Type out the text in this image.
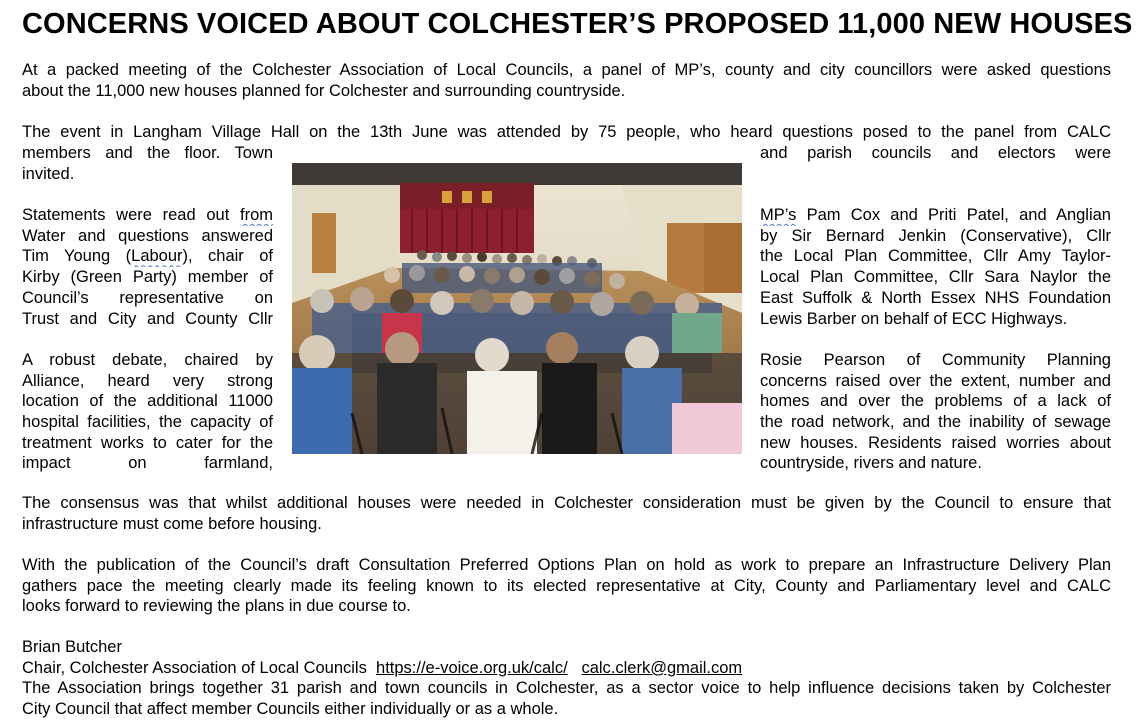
CONCERNS VOICED ABOUT COLCHESTER’S PROPOSED 11,000 NEW HOUSES

At a packed meeting of the Colchester Association of Local Councils, a panel of MP’s, county and city councillors were asked questions
about the 11,000 new houses planned for Colchester and surrounding countryside.

The event in Langham Village Hall on the 13th June was attended by 75 people, who heard questions posed to the panel from CALC

members and the floor. Town
invited.
Statements were read out from
Water and questions answered
Tim Young (Labour), chair of
Kirby (Green Party) member of
Council’s representative on
Trust and City and County Cllr
A robust debate, chaired by
Alliance, heard very strong
location of the additional 11000
hospital facilities, the capacity of
treatment works to cater for the
impact on farmland,
and parish councils and electors were
MP’s Pam Cox and Priti Patel, and Anglian
by Sir Bernard Jenkin (Conservative), Cllr
the Local Plan Committee, Cllr Amy Taylor-
Local Plan Committee, Cllr Sara Naylor the
East Suffolk & North Essex NHS Foundation
Lewis Barber on behalf of ECC Highways.
Rosie Pearson of Community Planning
concerns raised over the extent, number and
homes and over the problems of a lack of
the road network, and the inability of sewage
new houses. Residents raised worries about
countryside, rivers and nature.

The consensus was that whilst additional houses were needed in Colchester consideration must be given by the Council to ensure that
infrastructure must come before housing.

With the publication of the Council’s draft Consultation Preferred Options Plan on hold as work to prepare an Infrastructure Delivery Plan
gathers pace the meeting clearly made its feeling known to its elected representative at City, County and Parliamentary level and CALC
looks forward to reviewing the plans in due course to.

Brian Butcher
Chair, Colchester Association of Local Councils https://e-voice.org.uk/calc/ calc.clerk@gmail.com
The Association brings together 31 parish and town councils in Colchester, as a sector voice to help influence decisions taken by Colchester
City Council that affect member Councils either individually or as a whole.
